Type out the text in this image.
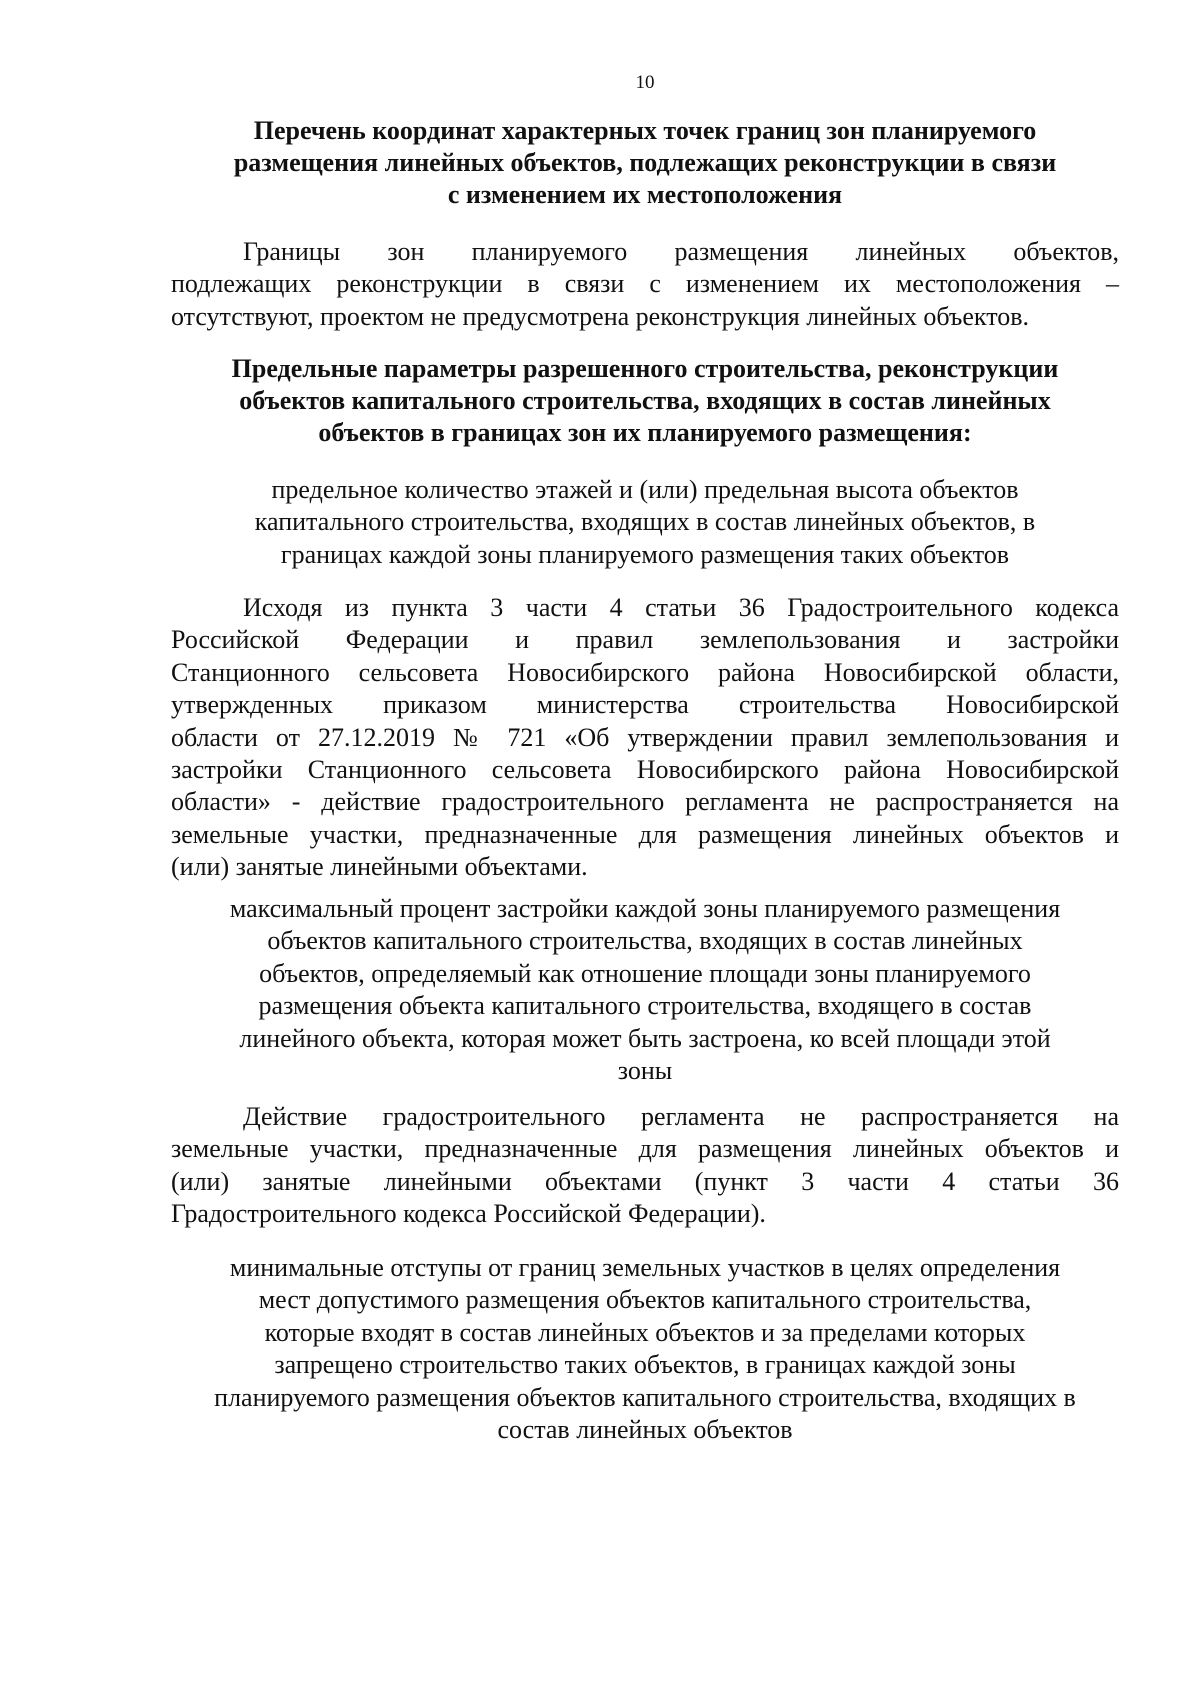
10
Перечень координат характерных точек границ зон планируемого
размещения линейных объектов, подлежащих реконструкции в связи
с изменением их местоположения
Границы зон планируемого размещения линейных объектов,
подлежащих реконструкции в связи с изменением их местоположения –
отсутствуют, проектом не предусмотрена реконструкция линейных объектов.
Предельные параметры разрешенного строительства, реконструкции
объектов капитального строительства, входящих в состав линейных
объектов в границах зон их планируемого размещения:
предельное количество этажей и (или) предельная высота объектов
капитального строительства, входящих в состав линейных объектов, в
границах каждой зоны планируемого размещения таких объектов
Исходя из пункта 3 части 4 статьи 36 Градостроительного кодекса
Российской Федерации и правил землепользования и застройки
Станционного сельсовета Новосибирского района Новосибирской области,
утвержденных приказом министерства строительства Новосибирской
области от 27.12.2019 № 721 «Об утверждении правил землепользования и
застройки Станционного сельсовета Новосибирского района Новосибирской
области» - действие градостроительного регламента не распространяется на
земельные участки, предназначенные для размещения линейных объектов и
(или) занятые линейными объектами.
максимальный процент застройки каждой зоны планируемого размещения
объектов капитального строительства, входящих в состав линейных
объектов, определяемый как отношение площади зоны планируемого
размещения объекта капитального строительства, входящего в состав
линейного объекта, которая может быть застроена, ко всей площади этой
зоны
Действие градостроительного регламента не распространяется на
земельные участки, предназначенные для размещения линейных объектов и
(или) занятые линейными объектами (пункт 3 части 4 статьи 36
Градостроительного кодекса Российской Федерации).
минимальные отступы от границ земельных участков в целях определения
мест допустимого размещения объектов капитального строительства,
которые входят в состав линейных объектов и за пределами которых
запрещено строительство таких объектов, в границах каждой зоны
планируемого размещения объектов капитального строительства, входящих в
состав линейных объектов
